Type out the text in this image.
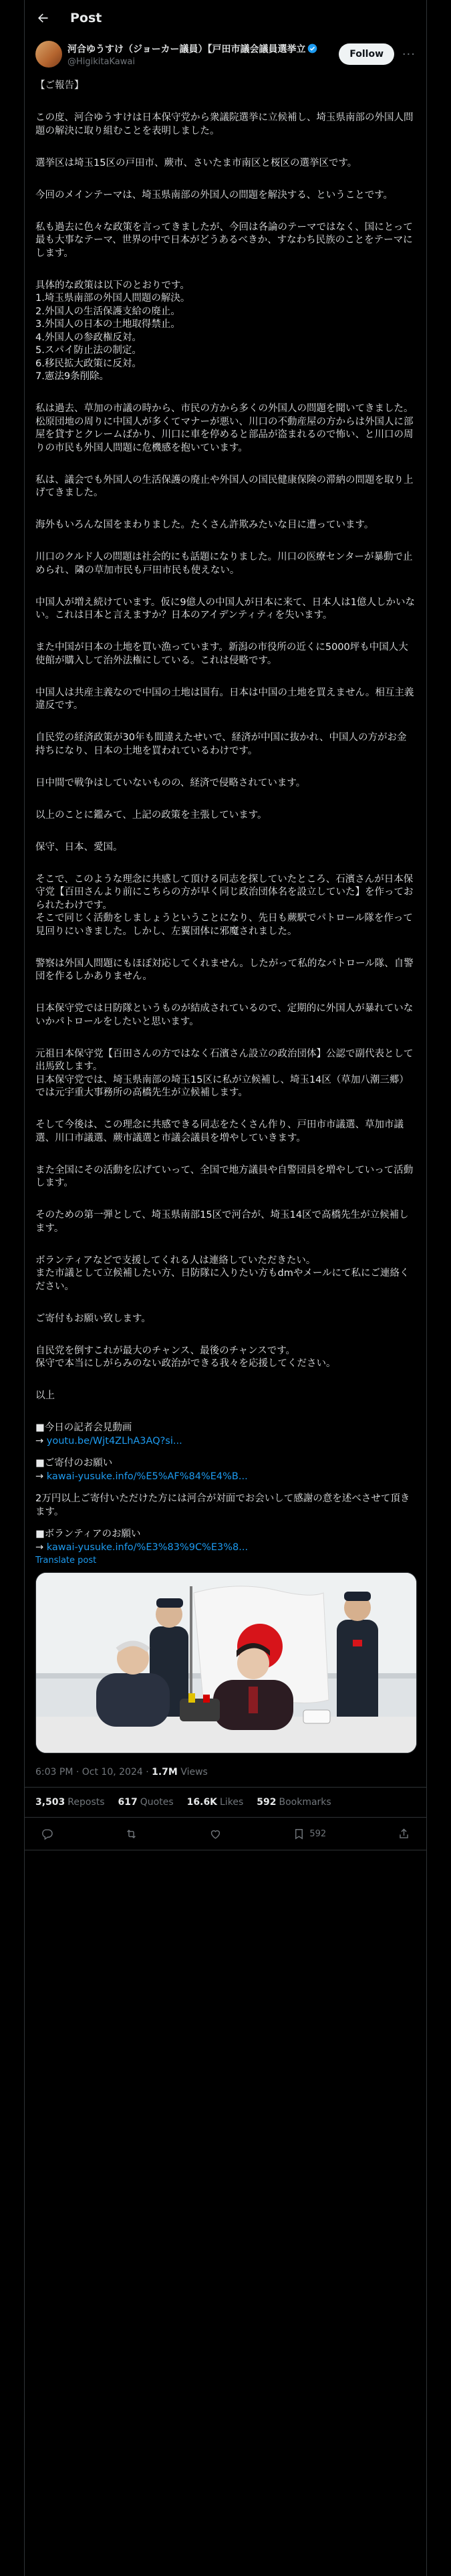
Post
河合ゆうすけ（ジョーカー議員）【戸田市議会議員選挙立
@HigikitaKawai
Follow	···

【ご報告】

この度、河合ゆうすけは日本保守党から衆議院選挙に立候補し、埼玉県南部の外国人問題の解決に取り組むことを表明しました。

選挙区は埼玉15区の戸田市、蕨市、さいたま市南区と桜区の選挙区です。

今回のメインテーマは、埼玉県南部の外国人の問題を解決する、ということです。

私も過去に色々な政策を言ってきましたが、今回は各論のテーマではなく、国にとって最も大事なテーマ、世界の中で日本がどうあるべきか、すなわち民族のことをテーマにします。

具体的な政策は以下のとおりです。
1.埼玉県南部の外国人問題の解決。
2.外国人の生活保護支給の廃止。
3.外国人の日本の土地取得禁止。
4.外国人の参政権反対。
5.スパイ防止法の制定。
6.移民拡大政策に反対。
7.憲法9条削除。

私は過去、草加の市議の時から、市民の方から多くの外国人の問題を聞いてきました。松原団地の周りに中国人が多くてマナーが悪い、川口の不動産屋の方からは外国人に部屋を貸すとクレームばかり、川口に車を停めると部品が盗まれるので怖い、と川口の周りの市民も外国人問題に危機感を抱いています。

私は、議会でも外国人の生活保護の廃止や外国人の国民健康保険の滞納の問題を取り上げてきました。

海外もいろんな国をまわりました。たくさん許欺みたいな目に遭っています。

川口のクルド人の問題は社会的にも話題になりました。川口の医療センターが暴動で止められ、隣の草加市民も戸田市民も使えない。

中国人が増え続けています。仮に9億人の中国人が日本に来て、日本人は1億人しかいない。これは日本と言えますか？日本のアイデンティティを失います。

また中国が日本の土地を買い漁っています。新潟の市役所の近くに5000坪も中国人大使館が購入して治外法権にしている。これは侵略です。

中国人は共産主義なので中国の土地は国有。日本は中国の土地を買えません。相互主義違反です。

自民党の経済政策が30年も間違えたせいで、経済が中国に抜かれ、中国人の方がお金持ちになり、日本の土地を買われているわけです。

日中間で戦争はしていないものの、経済で侵略されています。

以上のことに鑑みて、上記の政策を主張しています。

保守、日本、愛国。

そこで、このような理念に共感して頂ける同志を探していたところ、石濱さんが日本保守党【百田さんより前にこちらの方が早く同じ政治団体名を設立していた】を作っておられたわけです。
そこで同じく活動をしましょうということになり、先日も蕨駅でパトロール隊を作って見回りにいきました。しかし、左翼団体に邪魔されました。

警察は外国人問題にもほぼ対応してくれません。したがって私的なパトロール隊、自警団を作るしかありません。

日本保守党では日防隊というものが結成されているので、定期的に外国人が暴れていないかパトロールをしたいと思います。

元祖日本保守党【百田さんの方ではなく石濱さん設立の政治団体】公認で副代表として出馬致します。
日本保守党では、埼玉県南部の埼玉15区に私が立候補し、埼玉14区（草加八潮三郷）では元宇重大事務所の高橋先生が立候補します。

そして今後は、この理念に共感できる同志をたくさん作り、戸田市市議選、草加市議選、川口市議選、蕨市議選と市議会議員を増やしていきます。

また全国にその活動を広げていって、全国で地方議員や自警団員を増やしていって活動します。

そのための第一弾として、埼玉県南部15区で河合が、埼玉14区で高橋先生が立候補します。

ボランティアなどで支援してくれる人は連絡していただきたい。
また市議として立候補したい方、日防隊に入りたい方もdmやメールにて私にご連絡ください。

ご寄付もお願い致します。

自民党を倒すこれが最大のチャンス、最後のチャンスです。
保守で本当にしがらみのない政治ができる我々を応援してください。

以上

■今日の記者会見動画
→ youtu.be/Wjt4ZLhA3AQ?si...

■ご寄付のお願い
→ kawai-yusuke.info/%E5%AF%84%E4%B...

2万円以上ご寄付いただけた方には河合が対面でお会いして感謝の意を述べさせて頂きます。

■ボランティアのお願い
→ kawai-yusuke.info/%E3%83%9C%E3%8...

Translate post
6:03 PM · Oct 10, 2024 · 1.7M Views
3,503 Reposts 617 Quotes 16.6K Likes 592 Bookmarks
592
